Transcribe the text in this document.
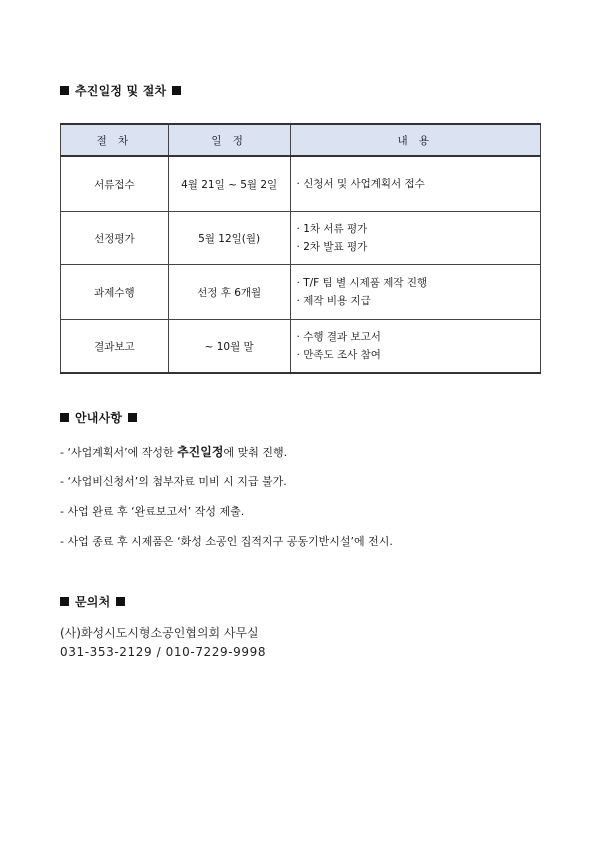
추진일정 및 절차
절 차	일 정	내 용
서류접수	4월 21일 ~ 5월 2일	· 신청서 및 사업계획서 접수

선정평가	5월 12일(월)	· 1차 서류 평가
· 2차 발표 평가

과제수행	선정 후 6개월	· T/F 팀 별 시제품 제작 진행
· 제작 비용 지급

결과보고	~ 10월 말	· 수행 결과 보고서
· 만족도 조사 참여
안내사항
- ‘사업계획서’에 작성한 추진일정에 맞춰 진행.
- ‘사업비신청서’의 첨부자료 미비 시 지급 불가.
- 사업 완료 후 ‘완료보고서’ 작성 제출.
- 사업 종료 후 시제품은 ‘화성 소공인 집적지구 공동기반시설’에 전시.
문의처
(사)화성시도시형소공인협의회 사무실
031-353-2129 / 010-7229-9998
